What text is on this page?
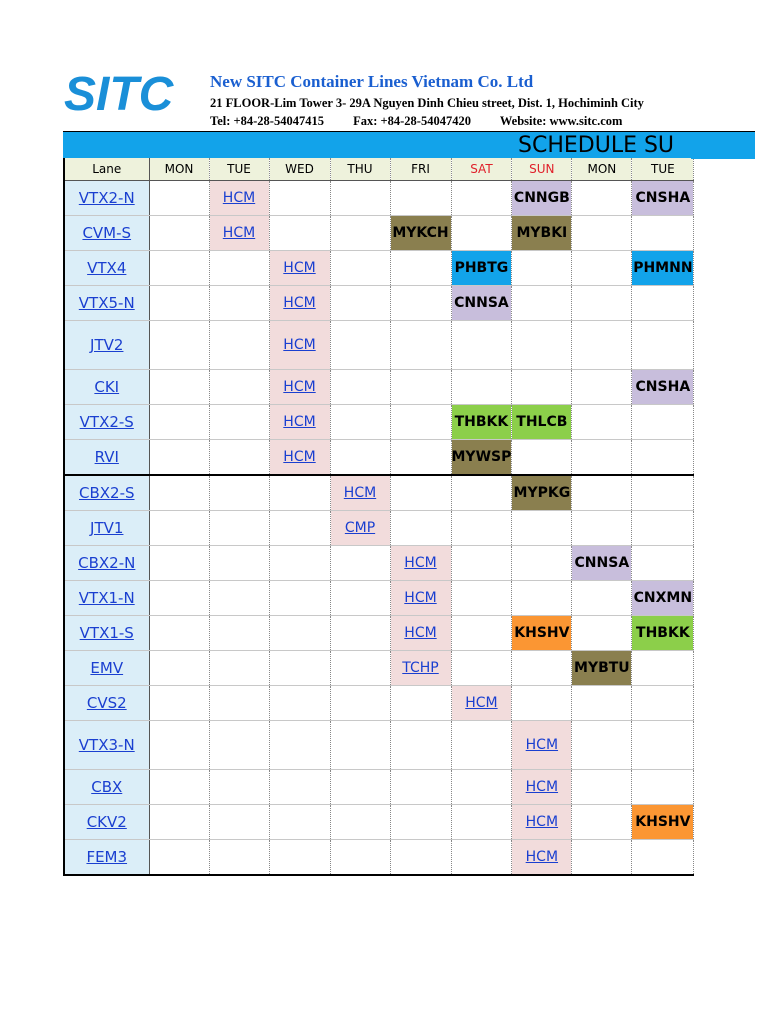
SITC New SITC Container Lines Vietnam Co. Ltd
21 FLOOR-Lim Tower 3- 29A Nguyen Dinh Chieu street, Dist. 1, Hochiminh City
Tel: +84-28-54047415 Fax: +84-28-54047420 Website: www.sitc.com
SCHEDULE SU
Lane	MON	TUE	WED	THU	FRI	SAT	SUN	MON	TUE
VTX2-N		HCM					CNNGB		CNSHA
CVM-S		HCM			MYKCH		MYBKI		
VTX4			HCM			PHBTG			PHMNN
VTX5-N			HCM			CNNSA			
JTV2			HCM						
CKI			HCM						CNSHA
VTX2-S			HCM			THBKK	THLCB		
RVI			HCM			MYWSP			
CBX2-S				HCM			MYPKG		
JTV1				CMP					
CBX2-N					HCM			CNNSA	
VTX1-N					HCM				CNXMN
VTX1-S					HCM		KHSHV		THBKK
EMV					TCHP			MYBTU	
CVS2						HCM			
VTX3-N							HCM		
CBX							HCM		
CKV2							HCM		KHSHV
FEM3							HCM		
